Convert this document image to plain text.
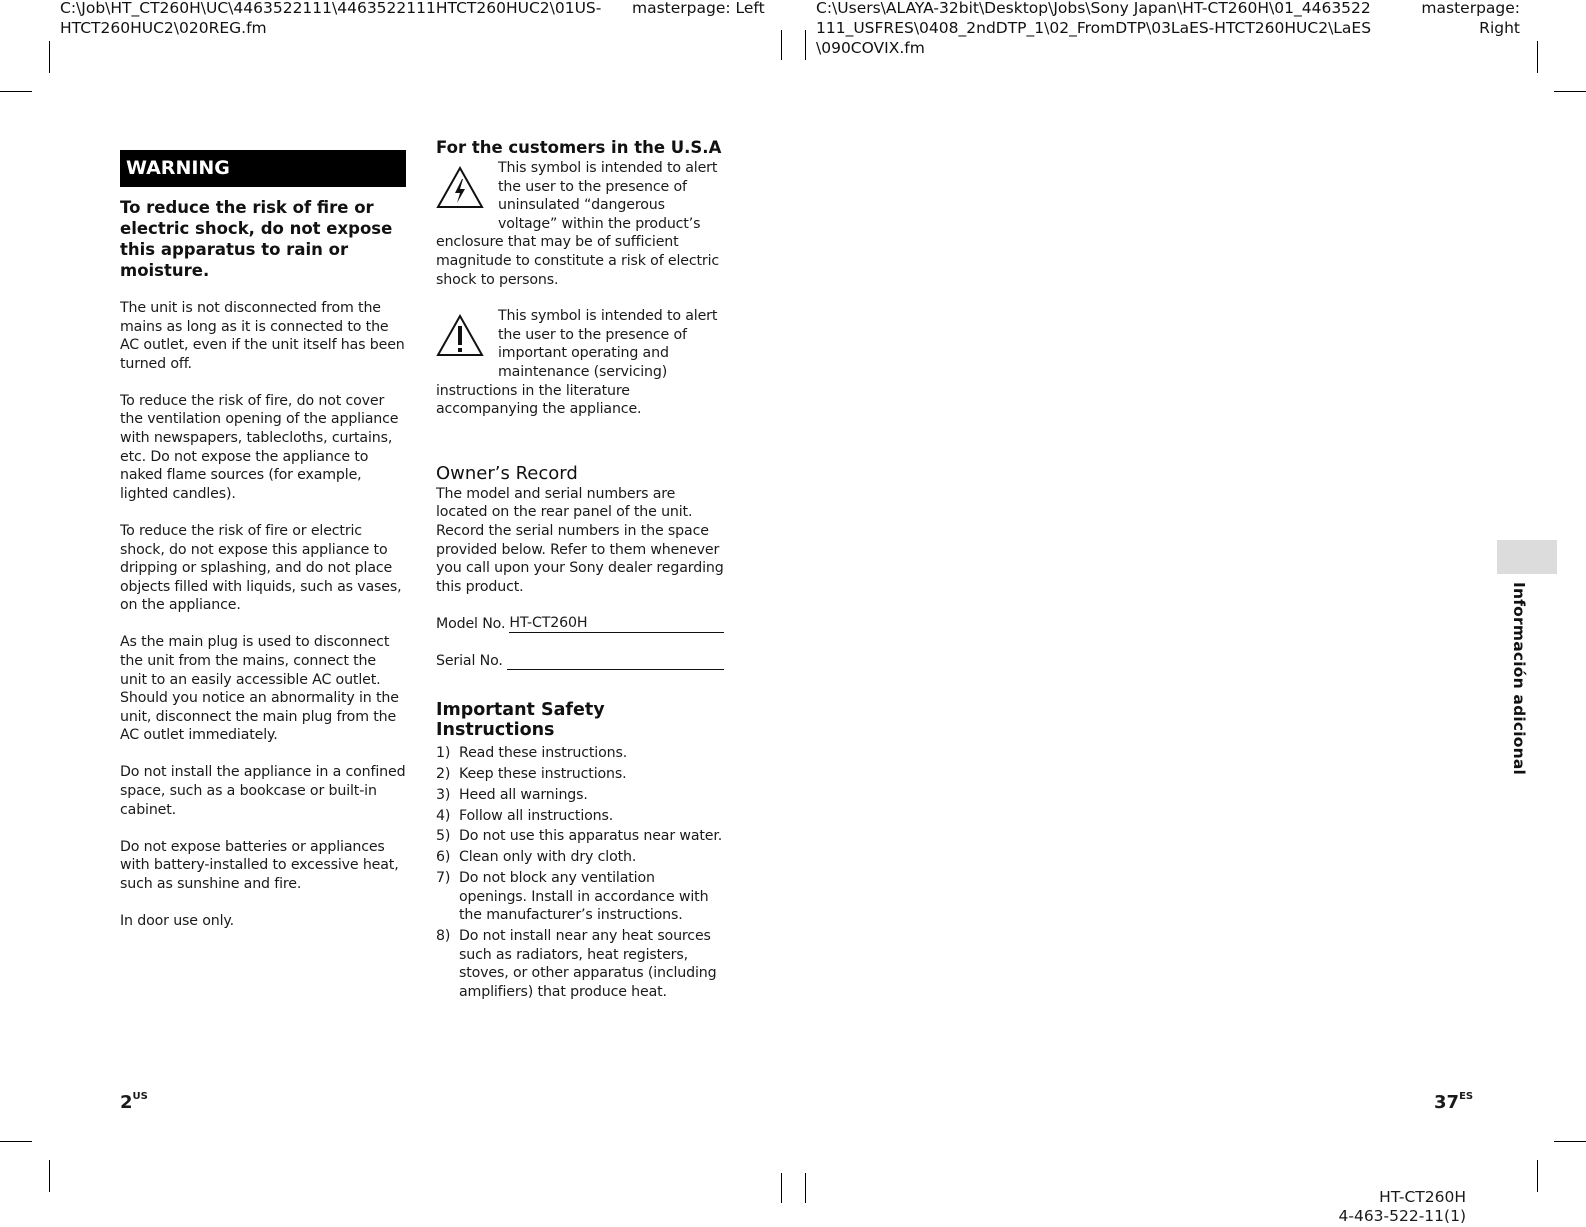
C:\Job\HT_CT260H\UC\4463522111\4463522111HTCT260HUC2\01US-HTCT260HUC2\020REG.fm
masterpage: Left	C:\Users\ALAYA-32bit\Desktop\Jobs\Sony Japan\HT-CT260H\01_4463522111_USFRES\0408_2ndDTP_1\02_FromDTP\03LaES-HTCT260HUC2\LaES\090COVIX.fm
masterpage: Right
WARNING
To reduce the risk of fire or electric shock, do not expose this apparatus to rain or moisture.

The unit is not disconnected from the mains as long as it is connected to the AC outlet, even if the unit itself has been turned off.

To reduce the risk of fire, do not cover the ventilation opening of the appliance with newspapers, tablecloths, curtains, etc. Do not expose the appliance to naked flame sources (for example, lighted candles).

To reduce the risk of fire or electric shock, do not expose this appliance to dripping or splashing, and do not place objects filled with liquids, such as vases, on the appliance.

As the main plug is used to disconnect the unit from the mains, connect the unit to an easily accessible AC outlet. Should you notice an abnormality in the unit, disconnect the main plug from the AC outlet immediately.

Do not install the appliance in a confined space, such as a bookcase or built-in cabinet.

Do not expose batteries or appliances with battery-installed to excessive heat, such as sunshine and fire.

In door use only.

For the customers in the U.S.A
This symbol is intended to alert the user to the presence of uninsulated “dangerous voltage” within the product’s
enclosure that may be of sufficient magnitude to constitute a risk of electric shock to persons.
This symbol is intended to alert the user to the presence of important operating and maintenance (servicing)
instructions in the literature accompanying the appliance.
Owner’s Record
The model and serial numbers are located on the rear panel of the unit. Record the serial numbers in the space provided below. Refer to them whenever you call upon your Sony dealer regarding this product.
Model No. HT-CT260H
Serial No.
Important Safety Instructions
1) Read these instructions.
2) Keep these instructions.
3) Heed all warnings.
4) Follow all instructions.
5) Do not use this apparatus near water.
6) Clean only with dry cloth.
7) Do not block any ventilation openings. Install in accordance with the manufacturer’s instructions.
8) Do not install near any heat sources such as radiators, heat registers, stoves, or other apparatus (including amplifiers) that produce heat.
Información adicional
$2^{US}$	$37^{ES}$
HT-CT260H
4-463-522-11(1)
